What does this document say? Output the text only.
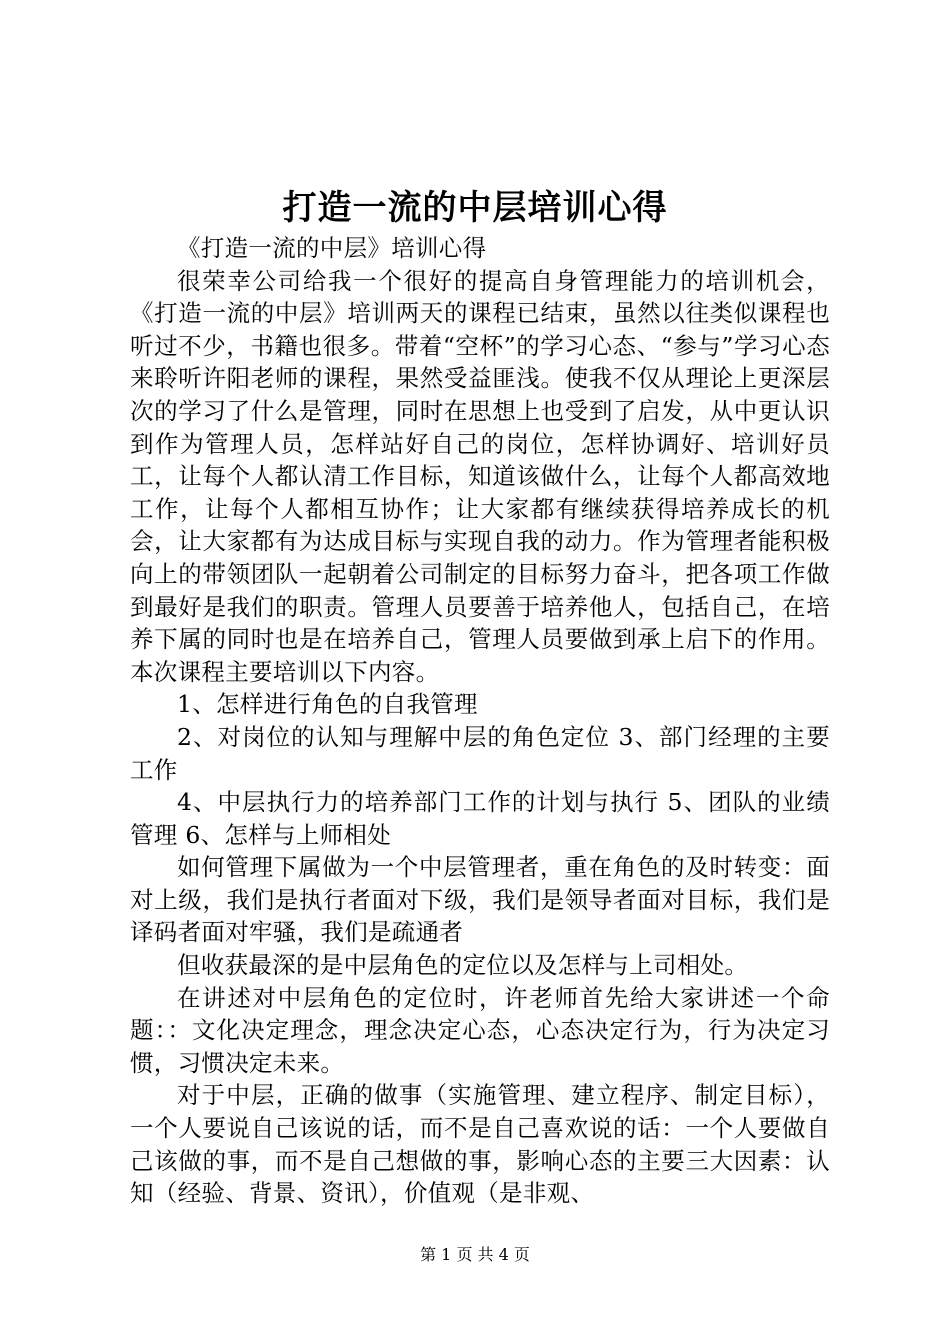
打造一流的中层培训心得

《打造一流的中层》培训心得

很荣幸公司给我一个很好的提高自身管理能力的培训机会，《打造一流的中层》培训两天的课程已结束，虽然以往类似课程也听过不少，书籍也很多。带着“空杯”的学习心态、“参与”学习心态来聆听许阳老师的课程，果然受益匪浅。使我不仅从理论上更深层次的学习了什么是管理，同时在思想上也受到了启发，从中更认识到作为管理人员，怎样站好自己的岗位，怎样协调好、培训好员工，让每个人都认清工作目标，知道该做什么，让每个人都高效地工作，让每个人都相互协作；让大家都有继续获得培养成长的机会，让大家都有为达成目标与实现自我的动力。作为管理者能积极向上的带领团队一起朝着公司制定的目标努力奋斗，把各项工作做到最好是我们的职责。管理人员要善于培养他人，包括自己，在培养下属的同时也是在培养自己，管理人员要做到承上启下的作用。本次课程主要培训以下内容。

1、怎样进行角色的自我管理

2、对岗位的认知与理解中层的角色定位 3、部门经理的主要工作

4、中层执行力的培养部门工作的计划与执行 5、团队的业绩管理 6、怎样与上师相处

如何管理下属做为一个中层管理者，重在角色的及时转变：面对上级，我们是执行者面对下级，我们是领导者面对目标，我们是译码者面对牢骚，我们是疏通者

但收获最深的是中层角色的定位以及怎样与上司相处。

在讲述对中层角色的定位时，许老师首先给大家讲述一个命题：：文化决定理念，理念决定心态，心态决定行为，行为决定习惯，习惯决定未来。

对于中层，正确的做事（实施管理、建立程序、制定目标），一个人要说自己该说的话，而不是自己喜欢说的话：一个人要做自己该做的事，而不是自己想做的事，影响心态的主要三大因素：认知（经验、背景、资讯），价值观（是非观、

第 1 页 共 4 页
